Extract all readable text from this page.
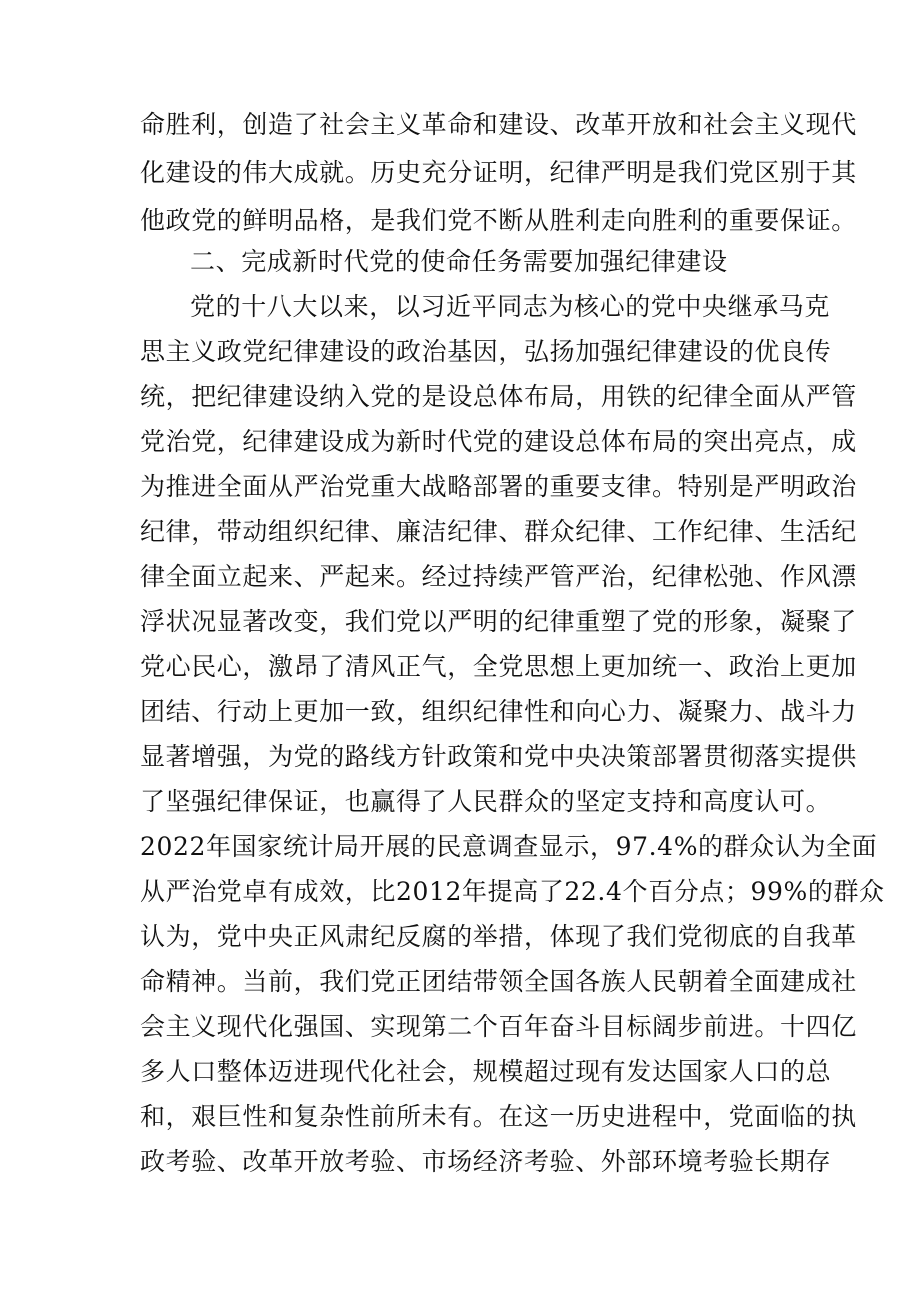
命胜利，创造了社会主义革命和建设、改革开放和社会主义现代
化建设的伟大成就。历史充分证明，纪律严明是我们党区别于其
他政党的鲜明品格，是我们党不断从胜利走向胜利的重要保证。
二、完成新时代党的使命任务需要加强纪律建设
党的十八大以来，以习近平同志为核心的党中央继承马克
思主义政党纪律建设的政治基因，弘扬加强纪律建设的优良传
统，把纪律建设纳入党的是设总体布局，用铁的纪律全面从严管
党治党，纪律建设成为新时代党的建设总体布局的突出亮点，成
为推进全面从严治党重大战略部署的重要支律。特别是严明政治
纪律，带动组织纪律、廉洁纪律、群众纪律、工作纪律、生活纪
律全面立起来、严起来。经过持续严管严治，纪律松弛、作风漂
浮状况显著改变，我们党以严明的纪律重塑了党的形象，凝聚了
党心民心，激昂了清风正气，全党思想上更加统一、政治上更加
团结、行动上更加一致，组织纪律性和向心力、凝聚力、战斗力
显著增强，为党的路线方针政策和党中央决策部署贯彻落实提供
了坚强纪律保证，也赢得了人民群众的坚定支持和高度认可。
2022年国家统计局开展的民意调查显示，97.4%的群众认为全面
从严治党卓有成效，比2012年提高了22.4个百分点；99%的群众
认为，党中央正风肃纪反腐的举措，体现了我们党彻底的自我革
命精神。当前，我们党正团结带领全国各族人民朝着全面建成社
会主义现代化强国、实现第二个百年奋斗目标阔步前进。十四亿
多人口整体迈进现代化社会，规模超过现有发达国家人口的总
和，艰巨性和复杂性前所未有。在这一历史进程中，党面临的执
政考验、改革开放考验、市场经济考验、外部环境考验长期存
